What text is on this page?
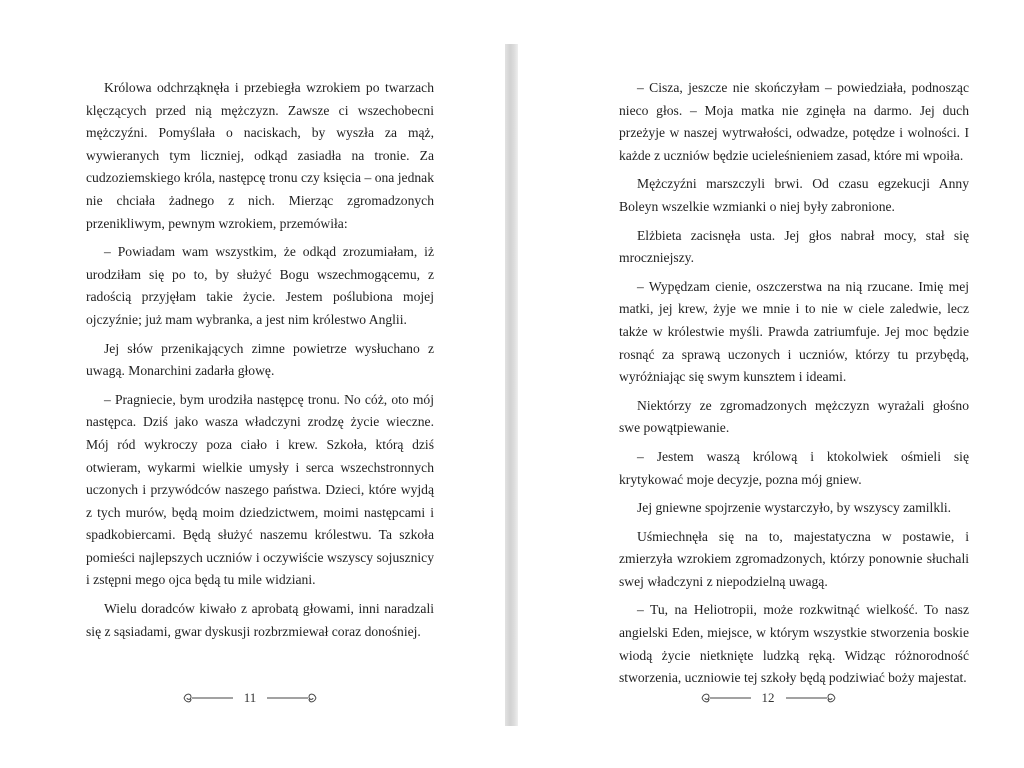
Królowa odchrząknęła i przebiegła wzrokiem po twarzach klęczących przed nią mężczyzn. Zawsze ci wszechobecni mężczyźni. Pomyślała o naciskach, by wyszła za mąż, wywieranych tym liczniej, odkąd zasiadła na tronie. Za cudzoziemskiego króla, następcę tronu czy księcia – ona jednak nie chciała żadnego z nich. Mierząc zgromadzonych przenikliwym, pewnym wzrokiem, przemówiła:

– Powiadam wam wszystkim, że odkąd zrozumiałam, iż urodziłam się po to, by służyć Bogu wszechmogącemu, z radością przyjęłam takie życie. Jestem poślubiona mojej ojczyźnie; już mam wybranka, a jest nim królestwo Anglii.

Jej słów przenikających zimne powietrze wysłuchano z uwagą. Monarchini zadarła głowę.

– Pragniecie, bym urodziła następcę tronu. No cóż, oto mój następca. Dziś jako wasza władczyni zrodzę życie wieczne. Mój ród wykroczy poza ciało i krew. Szkoła, którą dziś otwieram, wykarmi wielkie umysły i serca wszechstronnych uczonych i przywódców naszego państwa. Dzieci, które wyjdą z tych murów, będą moim dziedzictwem, moimi następcami i spadkobiercami. Będą służyć naszemu królestwu. Ta szkoła pomieści najlepszych uczniów i oczywiście wszyscy sojusznicy i zstępni mego ojca będą tu mile widziani.

Wielu doradców kiwało z aprobatą głowami, inni naradzali się z sąsiadami, gwar dyskusji rozbrzmiewał coraz donośniej.

11

– Cisza, jeszcze nie skończyłam – powiedziała, podnosząc nieco głos. – Moja matka nie zginęła na darmo. Jej duch przeżyje w naszej wytrwałości, odwadze, potędze i wolności. I każde z uczniów będzie ucieleśnieniem zasad, które mi wpoiła.

Mężczyźni marszczyli brwi. Od czasu egzekucji Anny Boleyn wszelkie wzmianki o niej były zabronione.

Elżbieta zacisnęła usta. Jej głos nabrał mocy, stał się mroczniejszy.

– Wypędzam cienie, oszczerstwa na nią rzucane. Imię mej matki, jej krew, żyje we mnie i to nie w ciele zaledwie, lecz także w królestwie myśli. Prawda zatriumfuje. Jej moc będzie rosnąć za sprawą uczonych i uczniów, którzy tu przybędą, wyróżniając się swym kunsztem i ideami.

Niektórzy ze zgromadzonych mężczyzn wyrażali głośno swe powątpiewanie.

– Jestem waszą królową i ktokolwiek ośmieli się krytykować moje decyzje, pozna mój gniew.

Jej gniewne spojrzenie wystarczyło, by wszyscy zamilkli.

Uśmiechnęła się na to, majestatyczna w postawie, i zmierzyła wzrokiem zgromadzonych, którzy ponownie słuchali swej władczyni z niepodzielną uwagą.

– Tu, na Heliotropii, może rozkwitnąć wielkość. To nasz angielski Eden, miejsce, w którym wszystkie stworzenia boskie wiodą życie nietknięte ludzką ręką. Widząc różnorodność stworzenia, uczniowie tej szkoły będą podziwiać boży majestat.

12
